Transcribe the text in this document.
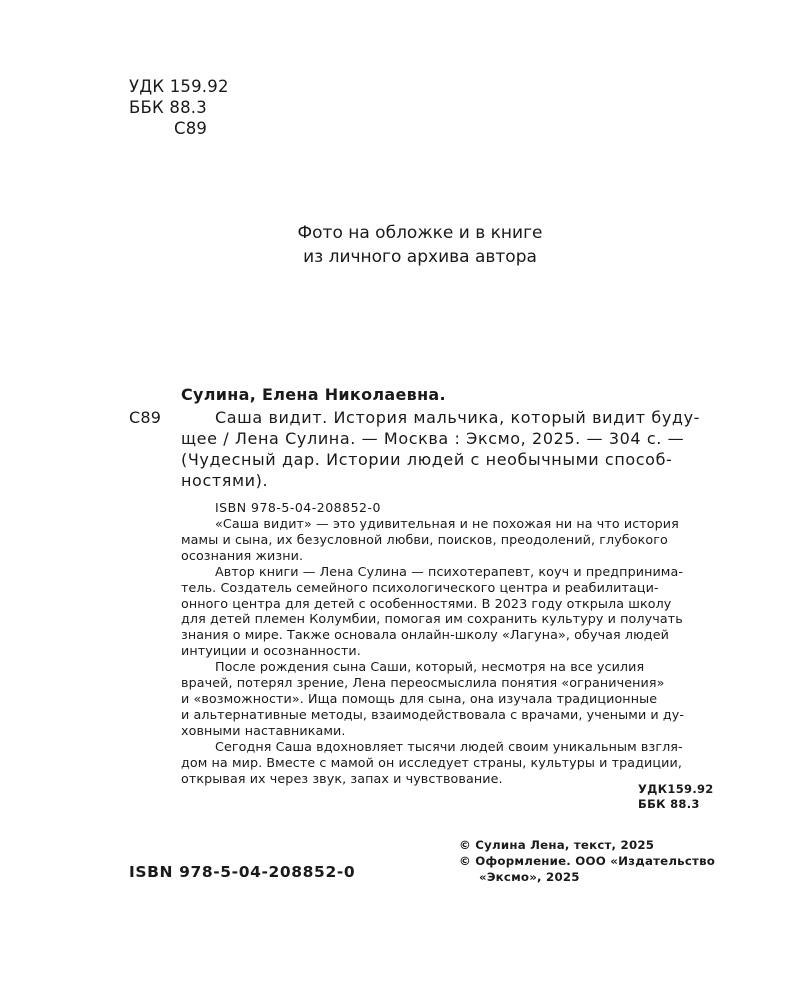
УДК 159.92
ББК 88.3
С89
Фото на обложке и в книге
из личного архива автора
Сулина, Елена Николаевна.
С89	Саша видит. История мальчика, который видит буду-
щее / Лена Сулина. — Москва : Эксмо, 2025. — 304 с. —
(Чудесный дар. Истории людей с необычными способ-
ностями).
ISBN 978-5-04-208852-0
«Саша видит» — это удивительная и не похожая ни на что история
мамы и сына, их безусловной любви, поисков, преодолений, глубокого
осознания жизни.
Автор книги — Лена Сулина — психотерапевт, коуч и предпринима-
тель. Создатель семейного психологического центра и реабилитаци-
онного центра для детей с особенностями. В 2023 году открыла школу
для детей племен Колумбии, помогая им сохранить культуру и получать
знания о мире. Также основала онлайн-школу «Лагуна», обучая людей
интуиции и осознанности.
После рождения сына Саши, который, несмотря на все усилия
врачей, потерял зрение, Лена переосмыслила понятия «ограничения»
и «возможности». Ища помощь для сына, она изучала традиционные
и альтернативные методы, взаимодействовала с врачами, учеными и ду-
ховными наставниками.
Сегодня Саша вдохновляет тысячи людей своим уникальным взгля-
дом на мир. Вместе с мамой он исследует страны, культуры и традиции,
открывая их через звук, запах и чувствование.
УДК159.92
ББК 88.3
ISBN 978-5-04-208852-0
© Сулина Лена, текст, 2025
© Оформление. ООО «Издательство
«Эксмо», 2025
